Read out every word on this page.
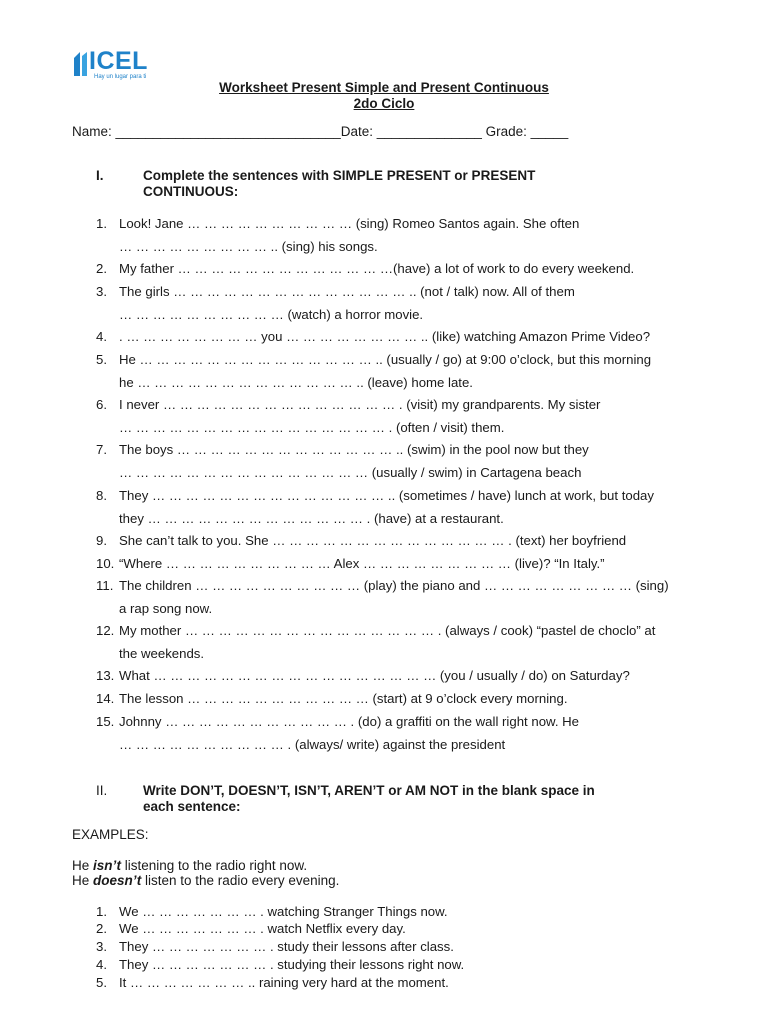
ICEL
Hay un lugar para ti
Worksheet Present Simple and Present Continuous
2do Ciclo
Name: ______________________________Date: ______________ Grade: _____
I.	Complete the sentences with SIMPLE PRESENT or PRESENT
CONTINUOUS:
1. Look! Jane … … … … … … … … … … (sing) Romeo Santos again. She often
… … … … … … … … … .. (sing) his songs.
2. My father … … … … … … … … … … … … …(have) a lot of work to do every weekend.
3. The girls … … … … … … … … … … … … … … .. (not / talk) now. All of them
… … … … … … … … … … (watch) a horror movie.
4. . … … … … … … … … you … … … … … … … … .. (like) watching Amazon Prime Video?
5. He … … … … … … … … … … … … … … .. (usually / go) at 9:00 o’clock, but this morning
he … … … … … … … … … … … … … .. (leave) home late.
6. I never … … … … … … … … … … … … … … . (visit) my grandparents. My sister
… … … … … … … … … … … … … … … … . (often / visit) them.
7. The boys … … … … … … … … … … … … … .. (swim) in the pool now but they
… … … … … … … … … … … … … … … (usually / swim) in Cartagena beach
8. They … … … … … … … … … … … … … … .. (sometimes / have) lunch at work, but today
they … … … … … … … … … … … … … . (have) at a restaurant.
9. She can’t talk to you. She … … … … … … … … … … … … … … . (text) her boyfriend
10. “Where … … … … … … … … … … Alex … … … … … … … … … (live)? “In Italy.”
11. The children … … … … … … … … … … (play) the piano and … … … … … … … … … (sing)
a rap song now.
12. My mother … … … … … … … … … … … … … … … . (always / cook) “pastel de choclo” at
the weekends.
13. What … … … … … … … … … … … … … … … … … (you / usually / do) on Saturday?
14. The lesson … … … … … … … … … … … (start) at 9 o’clock every morning.
15. Johnny … … … … … … … … … … … . (do) a graffiti on the wall right now. He
… … … … … … … … … … . (always/ write) against the president
II.	Write DON’T, DOESN’T, ISN’T, AREN’T or AM NOT in the blank space in
each sentence:
EXAMPLES:
He isn’t listening to the radio right now.
He doesn’t listen to the radio every evening.
1. We … … … … … … … . watching Stranger Things now.
2. We … … … … … … … . watch Netflix every day.
3. They … … … … … … … . study their lessons after class.
4. They … … … … … … … . studying their lessons right now.
5. It … … … … … … … .. raining very hard at the moment.
